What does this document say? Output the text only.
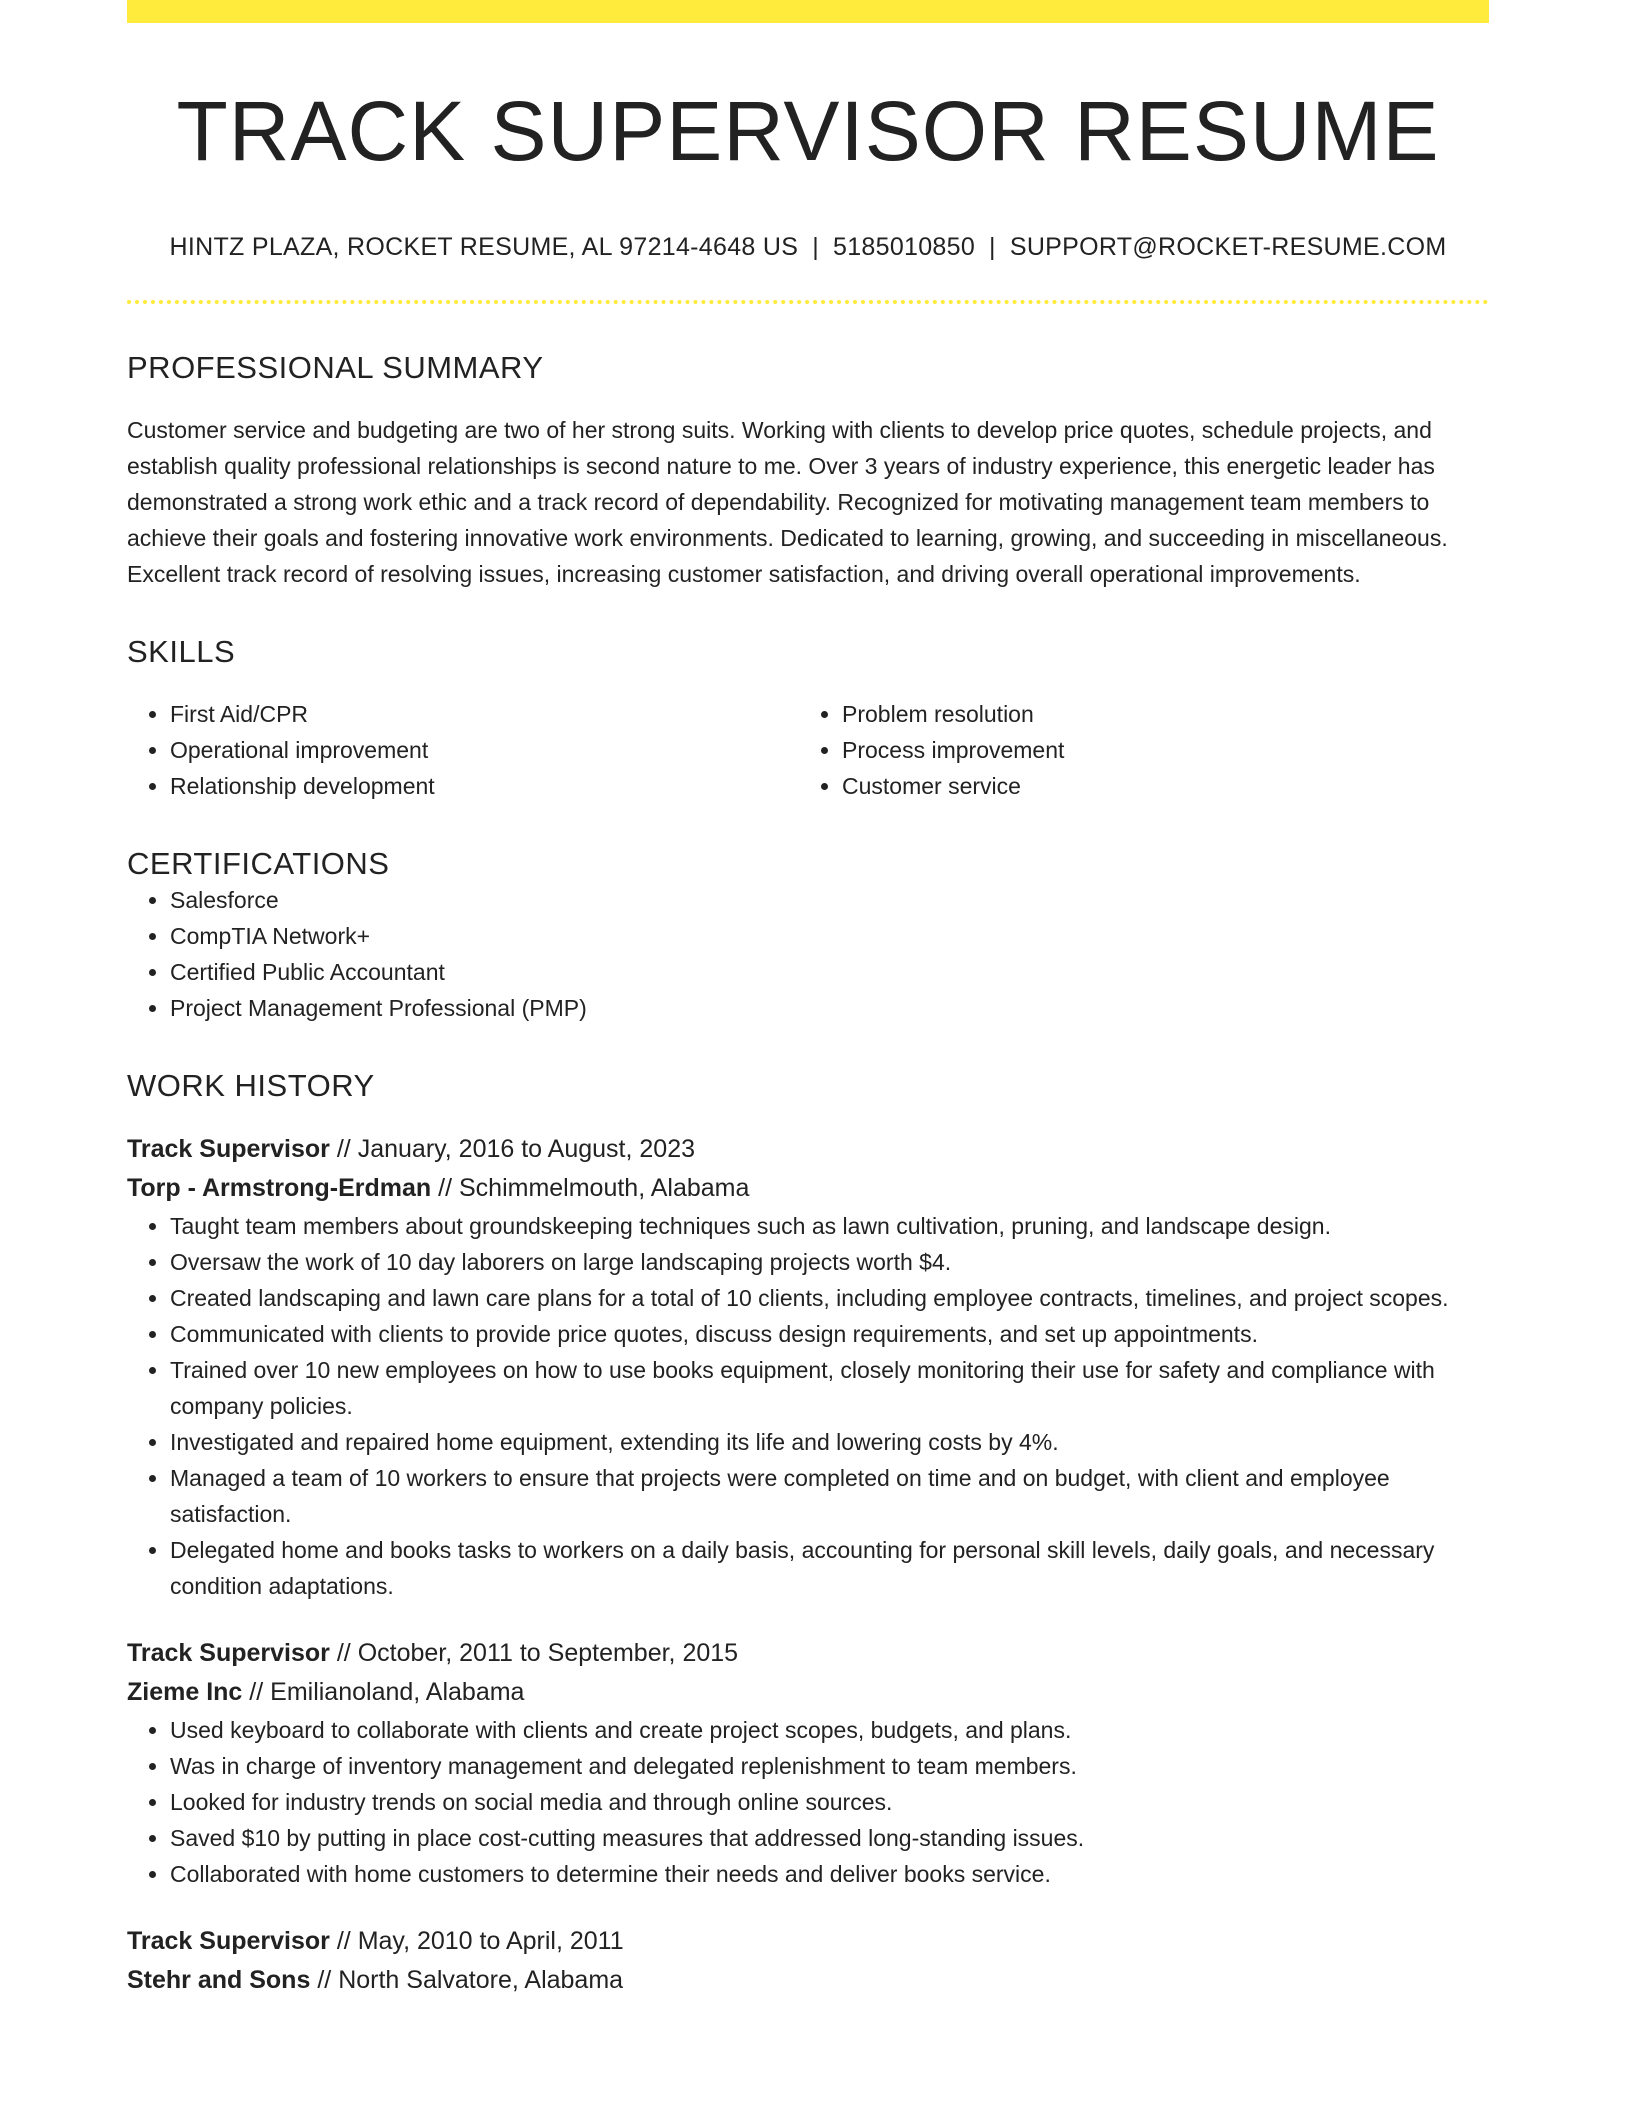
TRACK SUPERVISOR RESUME
HINTZ PLAZA, ROCKET RESUME, AL 97214-4648 US | 5185010850 | SUPPORT@ROCKET-RESUME.COM
PROFESSIONAL SUMMARY
Customer service and budgeting are two of her strong suits. Working with clients to develop price quotes, schedule projects, and establish quality professional relationships is second nature to me. Over 3 years of industry experience, this energetic leader has demonstrated a strong work ethic and a track record of dependability. Recognized for motivating management team members to achieve their goals and fostering innovative work environments. Dedicated to learning, growing, and succeeding in miscellaneous. Excellent track record of resolving issues, increasing customer satisfaction, and driving overall operational improvements.
SKILLS
• First Aid/CPR
• Operational improvement
• Relationship development
• Problem resolution
• Process improvement
• Customer service
CERTIFICATIONS
• Salesforce
• CompTIA Network+
• Certified Public Accountant
• Project Management Professional (PMP)
WORK HISTORY
Track Supervisor // January, 2016 to August, 2023
Torp - Armstrong-Erdman // Schimmelmouth, Alabama
• Taught team members about groundskeeping techniques such as lawn cultivation, pruning, and landscape design.
• Oversaw the work of 10 day laborers on large landscaping projects worth $4.
• Created landscaping and lawn care plans for a total of 10 clients, including employee contracts, timelines, and project scopes.
• Communicated with clients to provide price quotes, discuss design requirements, and set up appointments.
• Trained over 10 new employees on how to use books equipment, closely monitoring their use for safety and compliance with company policies.
• Investigated and repaired home equipment, extending its life and lowering costs by 4%.
• Managed a team of 10 workers to ensure that projects were completed on time and on budget, with client and employee satisfaction.
• Delegated home and books tasks to workers on a daily basis, accounting for personal skill levels, daily goals, and necessary condition adaptations.
Track Supervisor // October, 2011 to September, 2015
Zieme Inc // Emilianoland, Alabama
• Used keyboard to collaborate with clients and create project scopes, budgets, and plans.
• Was in charge of inventory management and delegated replenishment to team members.
• Looked for industry trends on social media and through online sources.
• Saved $10 by putting in place cost-cutting measures that addressed long-standing issues.
• Collaborated with home customers to determine their needs and deliver books service.
Track Supervisor // May, 2010 to April, 2011
Stehr and Sons // North Salvatore, Alabama
